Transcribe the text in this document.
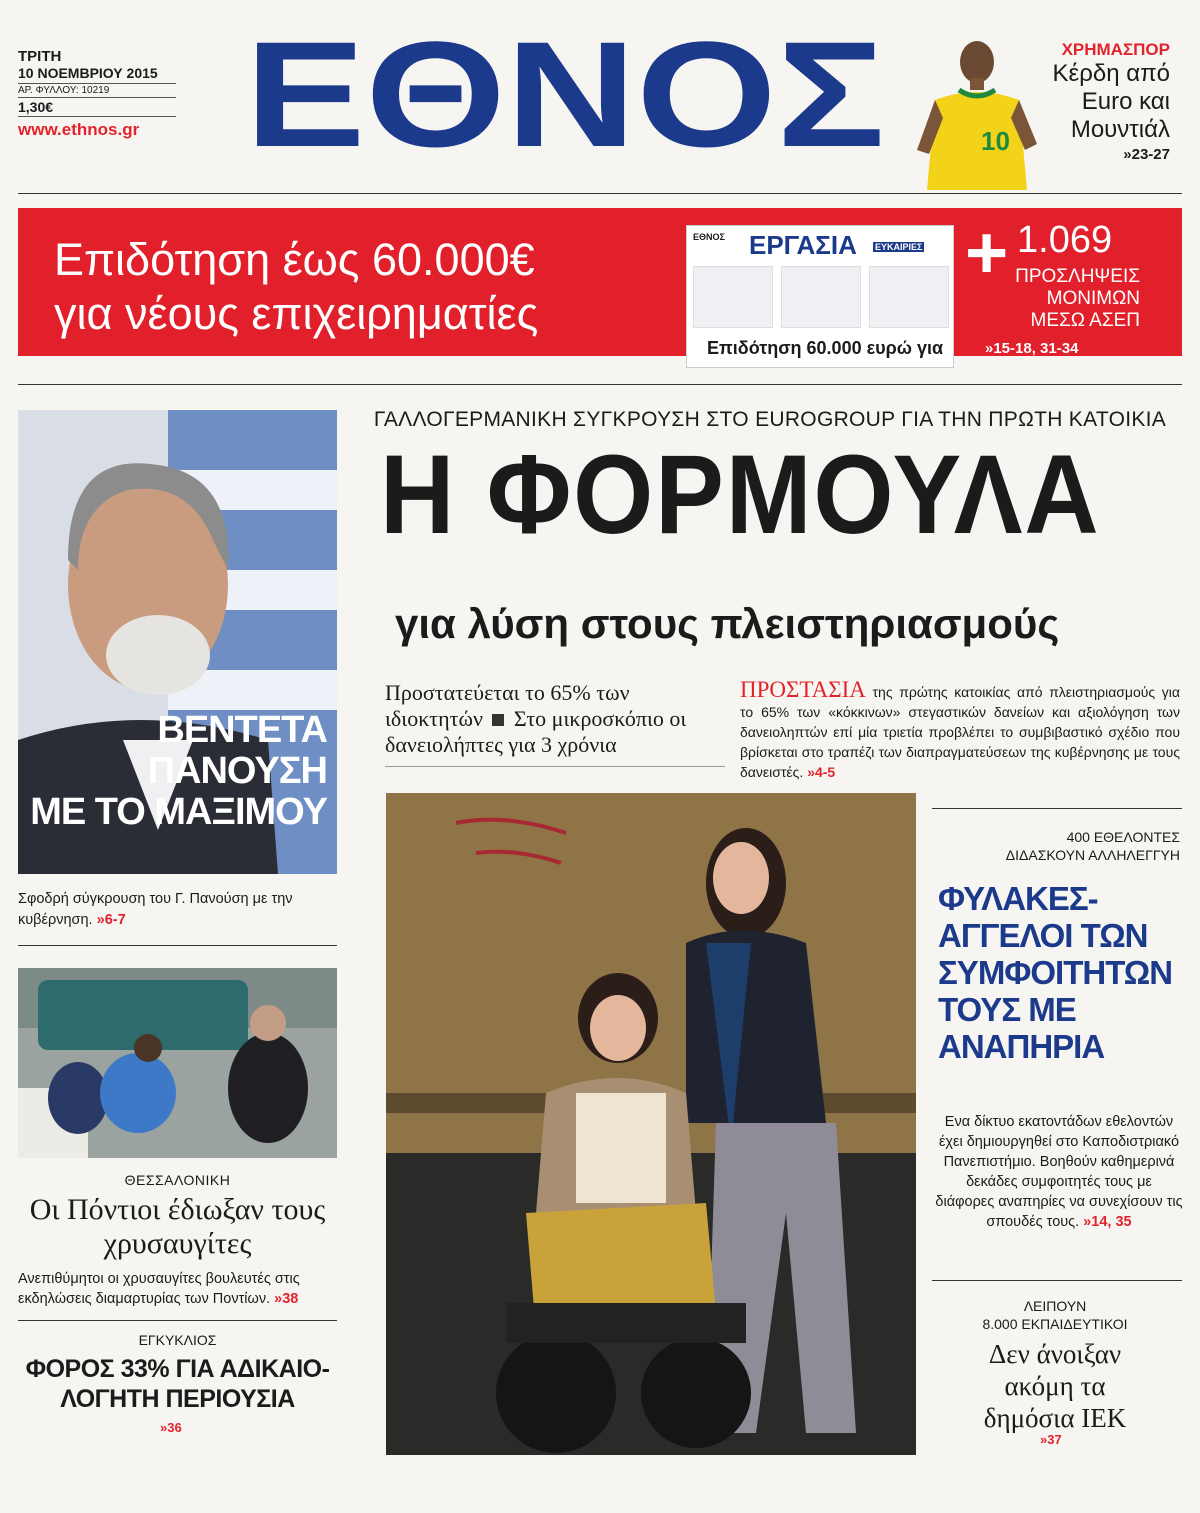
ΤΡΙΤΗ
10 ΝΟΕΜΒΡΙΟΥ 2015
ΑΡ. ΦΥΛΛΟΥ: 10219
1,30€
www.ethnos.gr ΕΘΝΟΣ	10
ΧΡΗΜΑΣΠΟΡ
Κέρδη από
Euro και
Μουντιάλ
»23-27
Επιδότηση έως 60.000€
για νέους επιχειρηματίες
ΕΘΝΟΣ ΕΡΓΑΣΙΑ ΕΥΚΑΙΡΙΕΣ
Επιδότηση 60.000 ευρώ για
+ 1.069
ΠΡΟΣΛΗΨΕΙΣ
ΜΟΝΙΜΩΝ
ΜΕΣΩ ΑΣΕΠ
»15-18, 31-34
ΒΕΝΤΕΤΑ
ΠΑΝΟΥΣΗ
ΜΕ ΤΟ ΜΑΞΙΜΟΥ
Σφοδρή σύγκρουση του Γ. Πανούση με την κυβέρνηση. »6-7
ΘΕΣΣΑΛΟΝΙΚΗ
Οι Πόντιοι έδιωξαν τους χρυσαυγίτες
Ανεπιθύμητοι οι χρυσαυγίτες βουλευτές στις εκδηλώσεις διαμαρτυρίας των Ποντίων. »38
ΕΓΚΥΚΛΙΟΣ
ΦΟΡΟΣ 33% ΓΙΑ ΑΔΙΚΑΙΟ-
ΛΟΓΗΤΗ ΠΕΡΙΟΥΣΙΑ
»36
ΓΑΛΛΟΓΕΡΜΑΝΙΚΗ ΣΥΓΚΡΟΥΣΗ ΣΤΟ EUROGROUP ΓΙΑ ΤΗΝ ΠΡΩΤΗ ΚΑΤΟΙΚΙΑ
Η ΦΟΡΜΟΥΛΑ
για λύση στους πλειστηριασμούς
Προστατεύεται το 65% των ιδιοκτητών Στο μικροσκόπιο οι δανειολήπτες για 3 χρόνια
ΠΡΟΣΤΑΣΙΑ της πρώτης κατοικίας από πλειστηριασμούς για το 65% των «κόκκινων» στεγαστικών δανείων και αξιολόγηση των δανειοληπτών επί μία τριετία προβλέπει το συμβιβαστικό σχέδιο που βρίσκεται στο τραπέζι των διαπραγματεύσεων της κυβέρνησης με τους δανειστές. »4-5
400 ΕΘΕΛΟΝΤΕΣ
ΔΙΔΑΣΚΟΥΝ ΑΛΛΗΛΕΓΓΥΗ
ΦΥΛΑΚΕΣ-
ΑΓΓΕΛΟΙ ΤΩΝ
ΣΥΜΦΟΙΤΗΤΩΝ
ΤΟΥΣ ΜΕ
ΑΝΑΠΗΡΙΑ
Ενα δίκτυο εκατοντάδων εθελοντών έχει δημιουργηθεί στο Καποδιστριακό Πανεπιστήμιο. Βοηθούν καθημερινά δεκάδες συμφοιτητές τους με διάφορες αναπηρίες να συνεχίσουν τις σπουδές τους. »14, 35
ΛΕΙΠΟΥΝ
8.000 ΕΚΠΑΙΔΕΥΤΙΚΟΙ
Δεν άνοιξαν
ακόμη τα
δημόσια ΙΕΚ
»37
